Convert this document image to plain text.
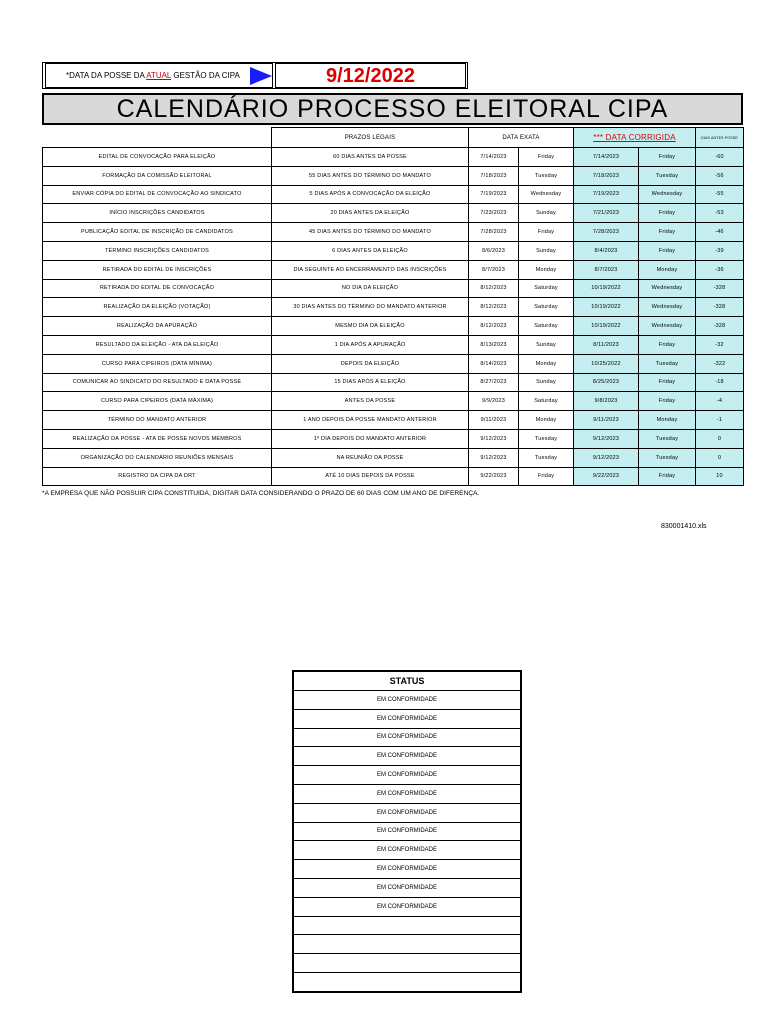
*DATA DA POSSE DA ATUAL GESTÃO DA CIPA	9/12/2022
CALENDÁRIO PROCESSO ELEITORAL CIPA
	PRAZOS LEGAIS	DATA EXATA		*** DATA CORRIGIDA		DIAS ANTES POSSE
EDITAL DE CONVOCAÇÃO PARA ELEIÇÃO	60 DIAS ANTES DA POSSE	7/14/2023	Friday	7/14/2023	Friday	-60
FORMAÇÃO DA COMISSÃO ELEITORAL	55 DIAS ANTES DO TÉRMINO DO MANDATO	7/18/2023	Tuesday	7/18/2023	Tuesday	-56
ENVIAR CÓPIA DO EDITAL DE CONVOCAÇÃO AO SINDICATO	5 DIAS APÓS A CONVOCAÇÃO DA ELEIÇÃO	7/19/2023	Wednesday	7/19/2023	Wednesday	-55
INÍCIO INSCRIÇÕES CANDIDATOS	20 DIAS ANTES DA ELEIÇÃO	7/23/2023	Sunday	7/21/2023	Friday	-53
PUBLICAÇÃO EDITAL DE INSCRIÇÃO DE CANDIDATOS	45 DIAS ANTES DO TÉRMINO DO MANDATO	7/28/2023	Friday	7/28/2023	Friday	-46
TÉRMINO INSCRIÇÕES CANDIDATOS	6 DIAS ANTES DA ELEIÇÃO	8/6/2023	Sunday	8/4/2023	Friday	-39
RETIRADA DO EDITAL DE INSCRIÇÕES	DIA SEGUINTE AO ENCERRAMENTO DAS INSCRIÇÕES	8/7/2023	Monday	8/7/2023	Monday	-36
RETIRADA DO EDITAL DE CONVOCAÇÃO	NO DIA DA ELEIÇÃO	8/12/2023	Saturday	10/19/2022	Wednesday	-328
REALIZAÇÃO DA ELEIÇÃO (VOTAÇÃO)	30 DIAS ANTES DO TÉRMINO DO MANDATO ANTERIOR	8/12/2023	Saturday	10/19/2022	Wednesday	-328
REALIZAÇÃO DA APURAÇÃO	MESMO DIA DA ELEIÇÃO	8/12/2023	Saturday	10/19/2022	Wednesday	-328
RESULTADO DA ELEIÇÃO - ATA DA ELEIÇÃO	1 DIA APÓS A APURAÇÃO	8/13/2023	Sunday	8/11/2023	Friday	-32
CURSO PARA CIPEIROS (DATA MÍNIMA)	DEPOIS DA ELEIÇÃO	8/14/2023	Monday	10/25/2022	Tuesday	-322
COMUNICAR AO SINDICATO DO RESULTADO E DATA POSSE	15 DIAS APÓS A ELEIÇÃO	8/27/2023	Sunday	8/25/2023	Friday	-18
CURSO PARA CIPEIROS (DATA MÁXIMA)	ANTES DA POSSE	9/9/2023	Saturday	9/8/2023	Friday	-4
TÉRMINO DO MANDATO ANTERIOR	1 ANO DEPOIS DA POSSE MANDATO ANTERIOR	9/11/2023	Monday	9/11/2023	Monday	-1
REALIZAÇÃO DA POSSE - ATA DE POSSE NOVOS MEMBROS	1º DIA DEPOIS DO MANDATO ANTERIOR	9/12/2023	Tuesday	9/12/2023	Tuesday	0
ORGANIZAÇÃO DO CALENDÁRIO REUNIÕES MENSAIS	NA REUNIÃO DA POSSE	9/12/2023	Tuesday	9/12/2023	Tuesday	0
REGISTRO DA CIPA DA DRT	ATÉ 10 DIAS DEPOIS DA POSSE	9/22/2023	Friday	9/22/2023	Friday	10
*A EMPRESA QUE NÃO POSSUIR CIPA CONSTITUIDA, DIGITAR DATA CONSIDERANDO O PRAZO DE 60 DIAS COM UM ANO DE DIFERENÇA.
830001410.xls
STATUS
EM CONFORMIDADE
EM CONFORMIDADE
EM CONFORMIDADE
EM CONFORMIDADE
EM CONFORMIDADE
EM CONFORMIDADE
EM CONFORMIDADE
EM CONFORMIDADE
EM CONFORMIDADE
EM CONFORMIDADE
EM CONFORMIDADE
EM CONFORMIDADE
